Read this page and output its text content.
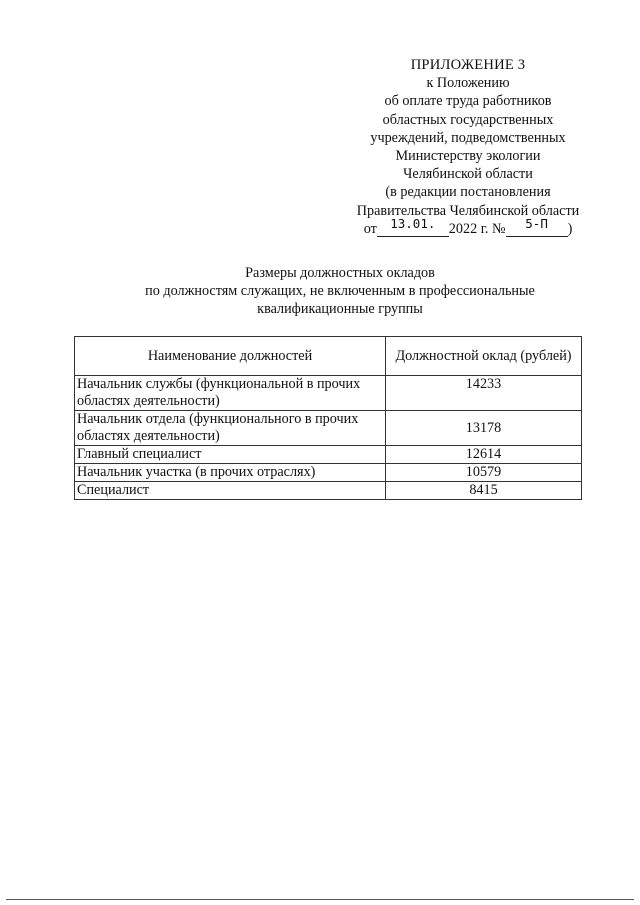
ПРИЛОЖЕНИЕ 3
к Положению
об оплате труда работников
областных государственных
учреждений, подведомственных
Министерству экологии
Челябинской области
(в редакции постановления
Правительства Челябинской области
от 13.01. 2022 г. № 5-П )
Размеры должностных окладов
по должностям служащих, не включенным в профессиональные
квалификационные группы
Наименование должностей	Должностной оклад (рублей)
Начальник службы (функциональной в прочих областях деятельности)	14233
Начальник отдела (функционального в прочих областях деятельности)	13178
Главный специалист	12614
Начальник участка (в прочих отраслях)	10579
Специалист	8415
